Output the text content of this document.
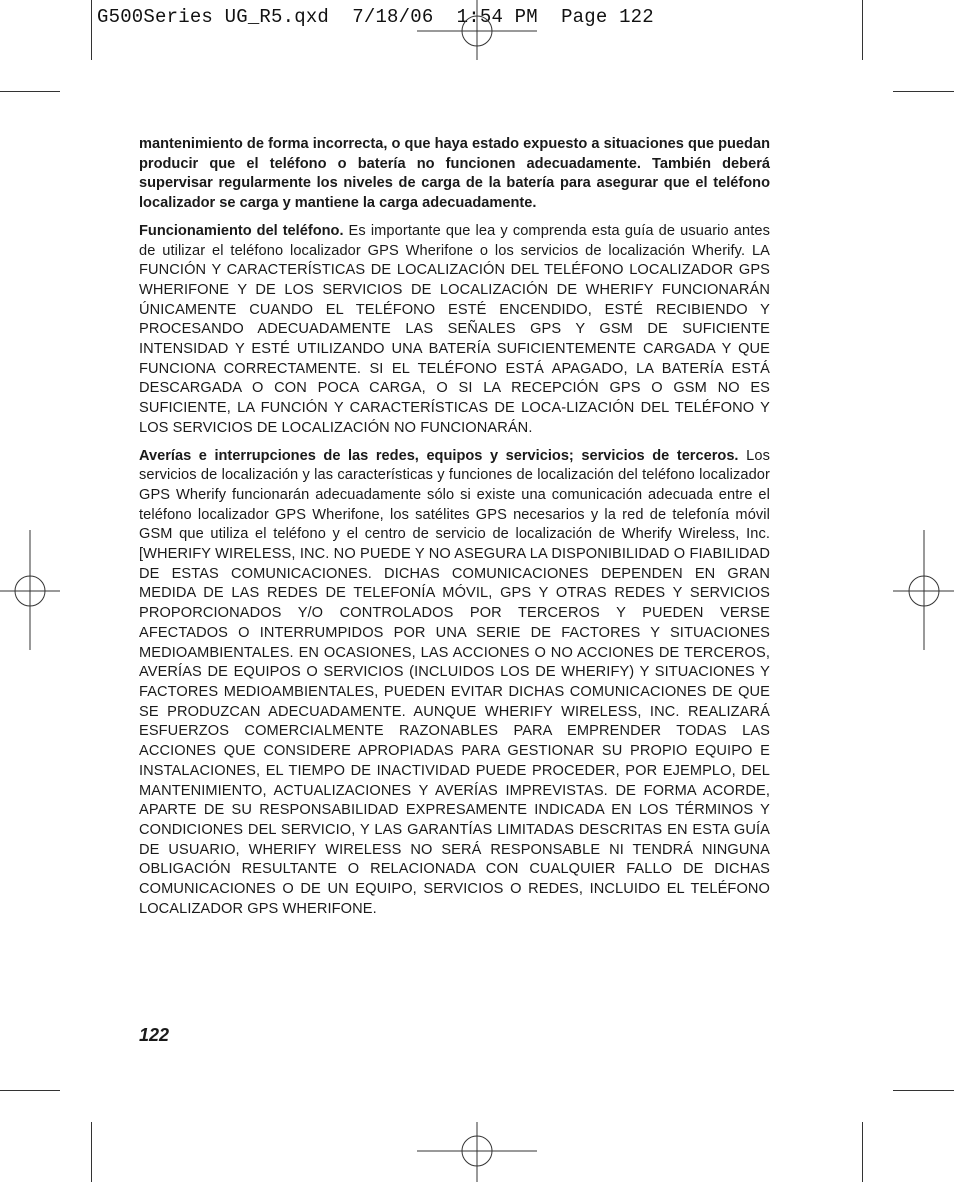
G500Series UG_R5.qxd  7/18/06  1:54 PM  Page 122

mantenimiento de forma incorrecta, o que haya estado expuesto a situaciones que puedan producir que el teléfono o batería no funcionen adecuadamente. También deberá supervisar regularmente los niveles de carga de la batería para asegurar que el teléfono localizador se carga y mantiene la carga adecuadamente.

Funcionamiento del teléfono. Es importante que lea y comprenda esta guía de usuario antes de utilizar el teléfono localizador GPS Wherifone o los servicios de localización Wherify. LA FUNCIÓN Y CARACTERÍSTICAS DE LOCALIZACIÓN DEL TELÉFONO LOCALIZADOR GPS WHERIFONE Y DE LOS SERVICIOS DE LOCALIZACIÓN DE WHERIFY FUNCIONARÁN ÚNICAMENTE CUANDO EL TELÉFONO ESTÉ ENCENDIDO, ESTÉ RECIBIENDO Y PROCESANDO ADECUADAMENTE LAS SEÑALES GPS Y GSM DE SUFICIENTE INTENSIDAD Y ESTÉ UTILIZANDO UNA BATERÍA SUFICIENTEMENTE CARGADA Y QUE FUNCIONA CORRECTAMENTE. SI EL TELÉFONO ESTÁ APAGADO, LA BATERÍA ESTÁ DESCARGADA O CON POCA CARGA, O SI LA RECEPCIÓN GPS O GSM NO ES SUFICIENTE, LA FUNCIÓN Y CARACTERÍSTICAS DE LOCA-LIZACIÓN DEL TELÉFONO Y LOS SERVICIOS DE LOCALIZACIÓN NO FUNCIONARÁN.

Averías e interrupciones de las redes, equipos y servicios; servicios de terceros. Los servicios de localización y las características y funciones de localización del teléfono localizador GPS Wherify funcionarán adecuadamente sólo si existe una comunicación adecuada entre el teléfono localizador GPS Wherifone, los satélites GPS necesarios y la red de telefonía móvil GSM que utiliza el teléfono y el centro de servicio de localización de Wherify Wireless, Inc. [WHERIFY WIRELESS, INC. NO PUEDE Y NO ASEGURA LA DISPONIBILIDAD O FIABILIDAD DE ESTAS COMUNICACIONES. DICHAS COMUNICACIONES DEPENDEN EN GRAN MEDIDA DE LAS REDES DE TELEFONÍA MÓVIL, GPS Y OTRAS REDES Y SERVICIOS PROPORCIONADOS Y/O CONTROLADOS POR TERCEROS Y PUEDEN VERSE AFECTADOS O INTERRUMPIDOS POR UNA SERIE DE FACTORES Y SITUACIONES MEDIOAMBIENTALES. EN OCASIONES, LAS ACCIONES O NO ACCIONES DE TERCEROS, AVERÍAS DE EQUIPOS O SERVICIOS (INCLUIDOS LOS DE WHERIFY) Y SITUACIONES Y FACTORES MEDIOAMBIENTALES, PUEDEN EVITAR DICHAS COMUNICACIONES DE QUE SE PRODUZCAN ADECUADAMENTE. AUNQUE WHERIFY WIRELESS, INC. REALIZARÁ ESFUERZOS COMERCIALMENTE RAZONABLES PARA EMPRENDER TODAS LAS ACCIONES QUE CONSIDERE APROPIADAS PARA GESTIONAR SU PROPIO EQUIPO E INSTALACIONES, EL TIEMPO DE INACTIVIDAD PUEDE PROCEDER, POR EJEMPLO, DEL MANTENIMIENTO, ACTUALIZACIONES Y AVERÍAS IMPREVISTAS. DE FORMA ACORDE, APARTE DE SU RESPONSABILIDAD EXPRESAMENTE INDICADA EN LOS TÉRMINOS Y CONDICIONES DEL SERVICIO, Y LAS GARANTÍAS LIMITADAS DESCRITAS EN ESTA GUÍA DE USUARIO, WHERIFY WIRELESS NO SERÁ RESPONSABLE NI TENDRÁ NINGUNA OBLIGACIÓN RESULTANTE O RELACIONADA CON CUALQUIER FALLO DE DICHAS COMUNICACIONES O DE UN EQUIPO, SERVICIOS O REDES, INCLUIDO EL TELÉFONO LOCALIZADOR GPS WHERIFONE.

122
